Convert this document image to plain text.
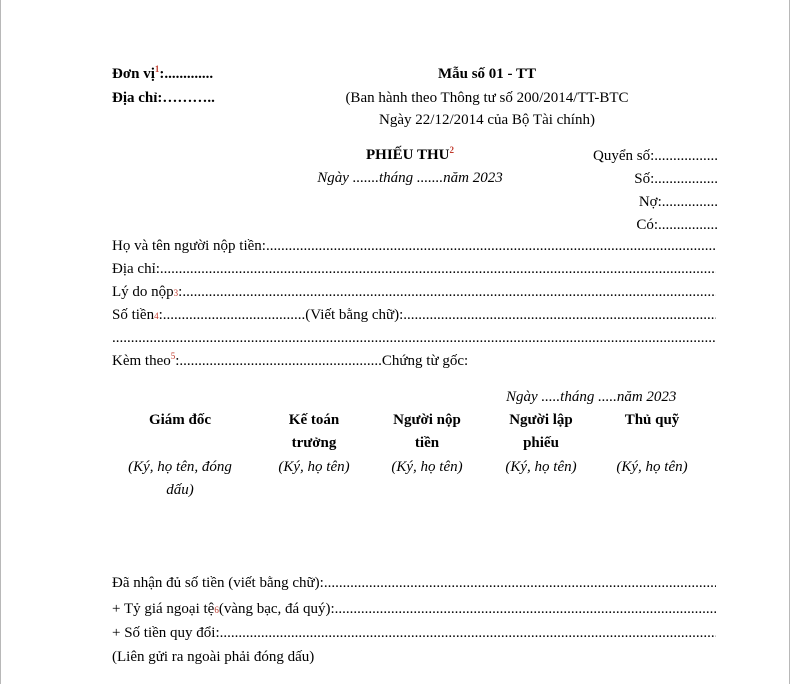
Đơn vị$^1$:.............
Địa chỉ:………..
Mẫu số 01 - TT
(Ban hành theo Thông tư số 200/2014/TT-BTC
Ngày 22/12/2014 của Bộ Tài chính)
PHIẾU THU$^2$
Ngày .......tháng .......năm 2023
Quyển số:.................
Số:.................
Nợ:...............
Có:................
Họ và tên người nộp tiền:
.....
Địa chỉ:
.....
Lý do nộp 3 :
.....
Số tiền 4 :......................................(Viết bằng chữ):
.....
.....
Kèm theo$^5$:......................................................Chứng từ gốc:
Ngày .....tháng .....năm 2023
Giám đốc
(Ký, họ tên, đóng dấu)
Kế toán trưởng
(Ký, họ tên)
Người nộp tiền
(Ký, họ tên)
Người lập phiếu
(Ký, họ tên)
Thủ quỹ
(Ký, họ tên)
Đã nhận đủ số tiền (viết bằng chữ):
.....
+ Tỷ giá ngoại tệ 6 (vàng bạc, đá quý):
.....
+ Số tiền quy đổi:
.....
(Liên gửi ra ngoài phải đóng dấu)
